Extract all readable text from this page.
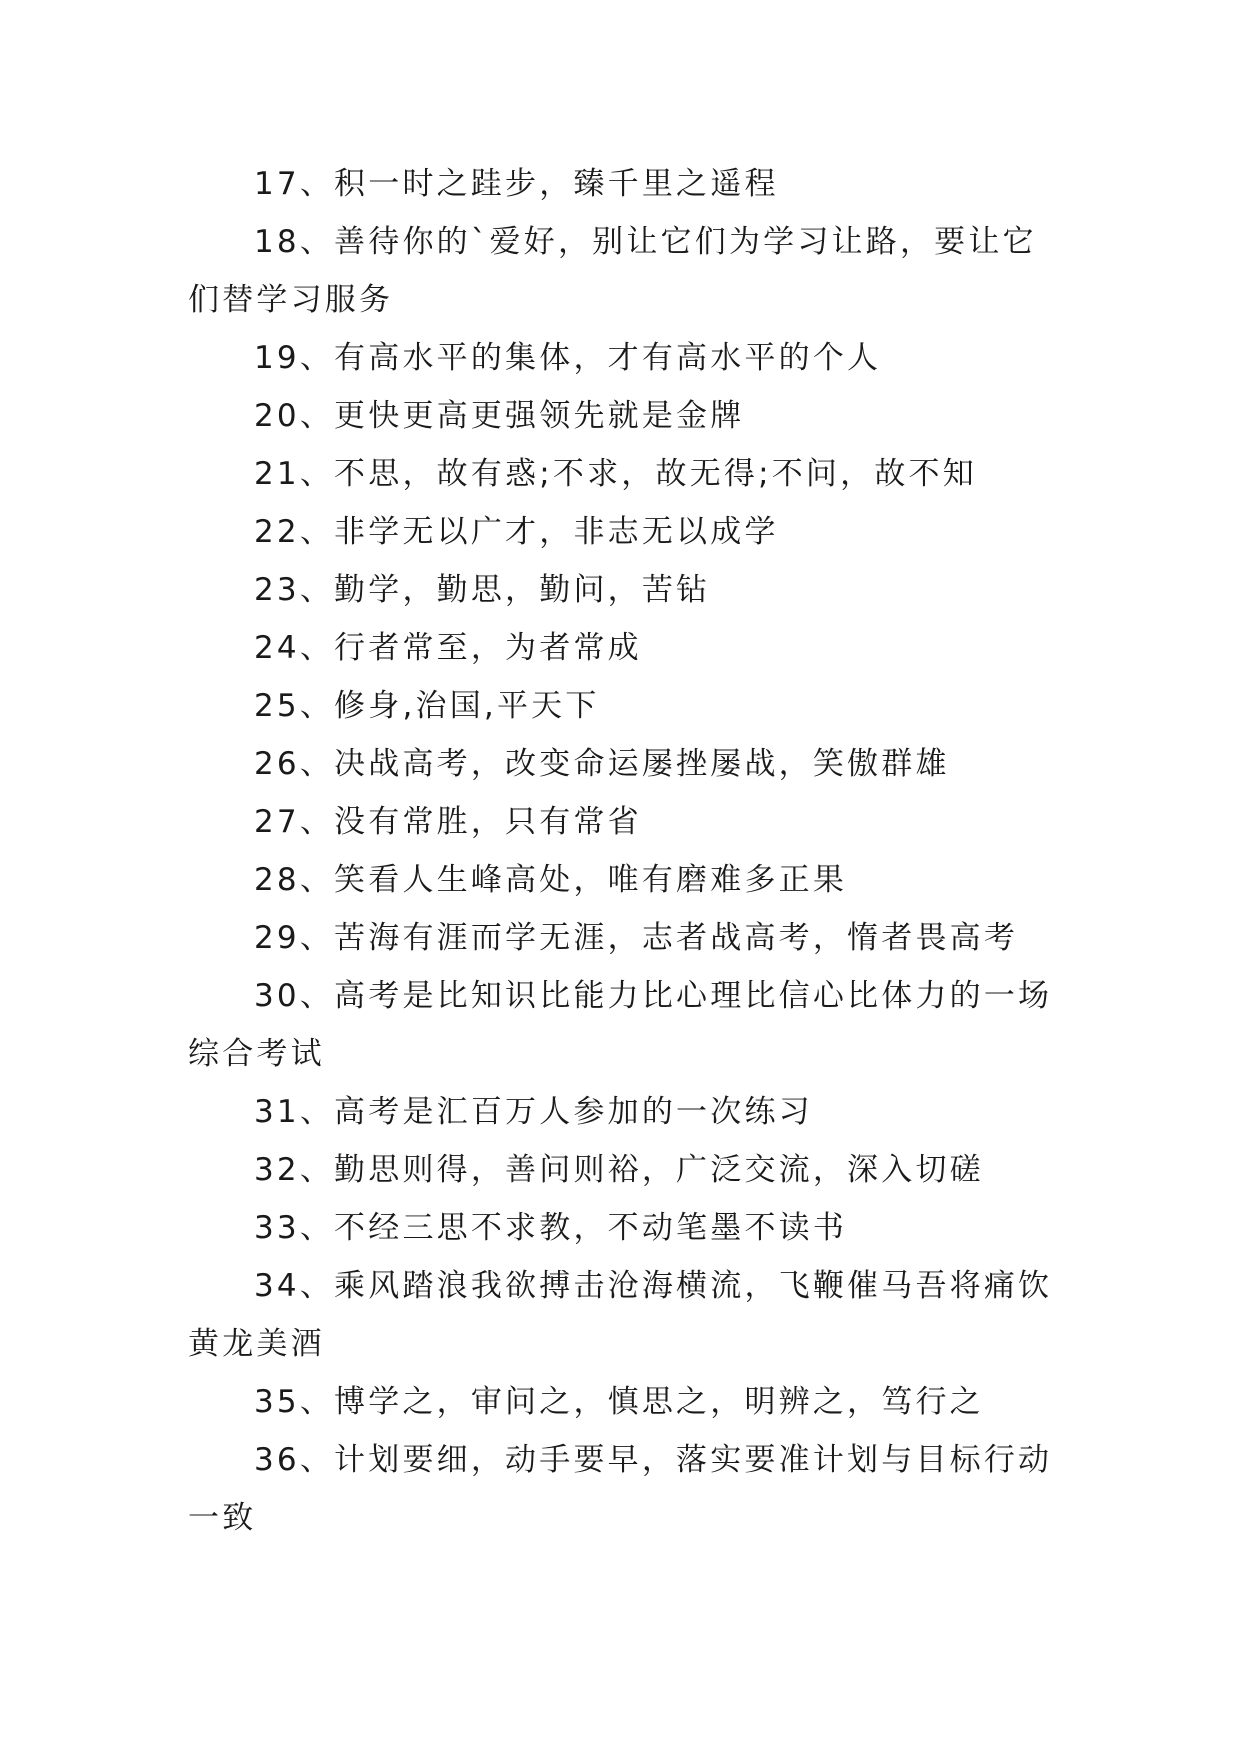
17、积一时之跬步，臻千里之遥程

18、善待你的`爱好，别让它们为学习让路，要让它们替学习服务

19、有高水平的集体，才有高水平的个人

20、更快更高更强领先就是金牌

21、不思，故有惑;不求，故无得;不问，故不知

22、非学无以广才，非志无以成学

23、勤学，勤思，勤问，苦钻

24、行者常至，为者常成

25、修身,治国,平天下

26、决战高考，改变命运屡挫屡战，笑傲群雄

27、没有常胜，只有常省

28、笑看人生峰高处，唯有磨难多正果

29、苦海有涯而学无涯，志者战高考，惰者畏高考

30、高考是比知识比能力比心理比信心比体力的一场综合考试

31、高考是汇百万人参加的一次练习

32、勤思则得，善问则裕，广泛交流，深入切磋

33、不经三思不求教，不动笔墨不读书

34、乘风踏浪我欲搏击沧海横流，飞鞭催马吾将痛饮黄龙美酒

35、博学之，审问之，慎思之，明辨之，笃行之

36、计划要细，动手要早，落实要准计划与目标行动一致
